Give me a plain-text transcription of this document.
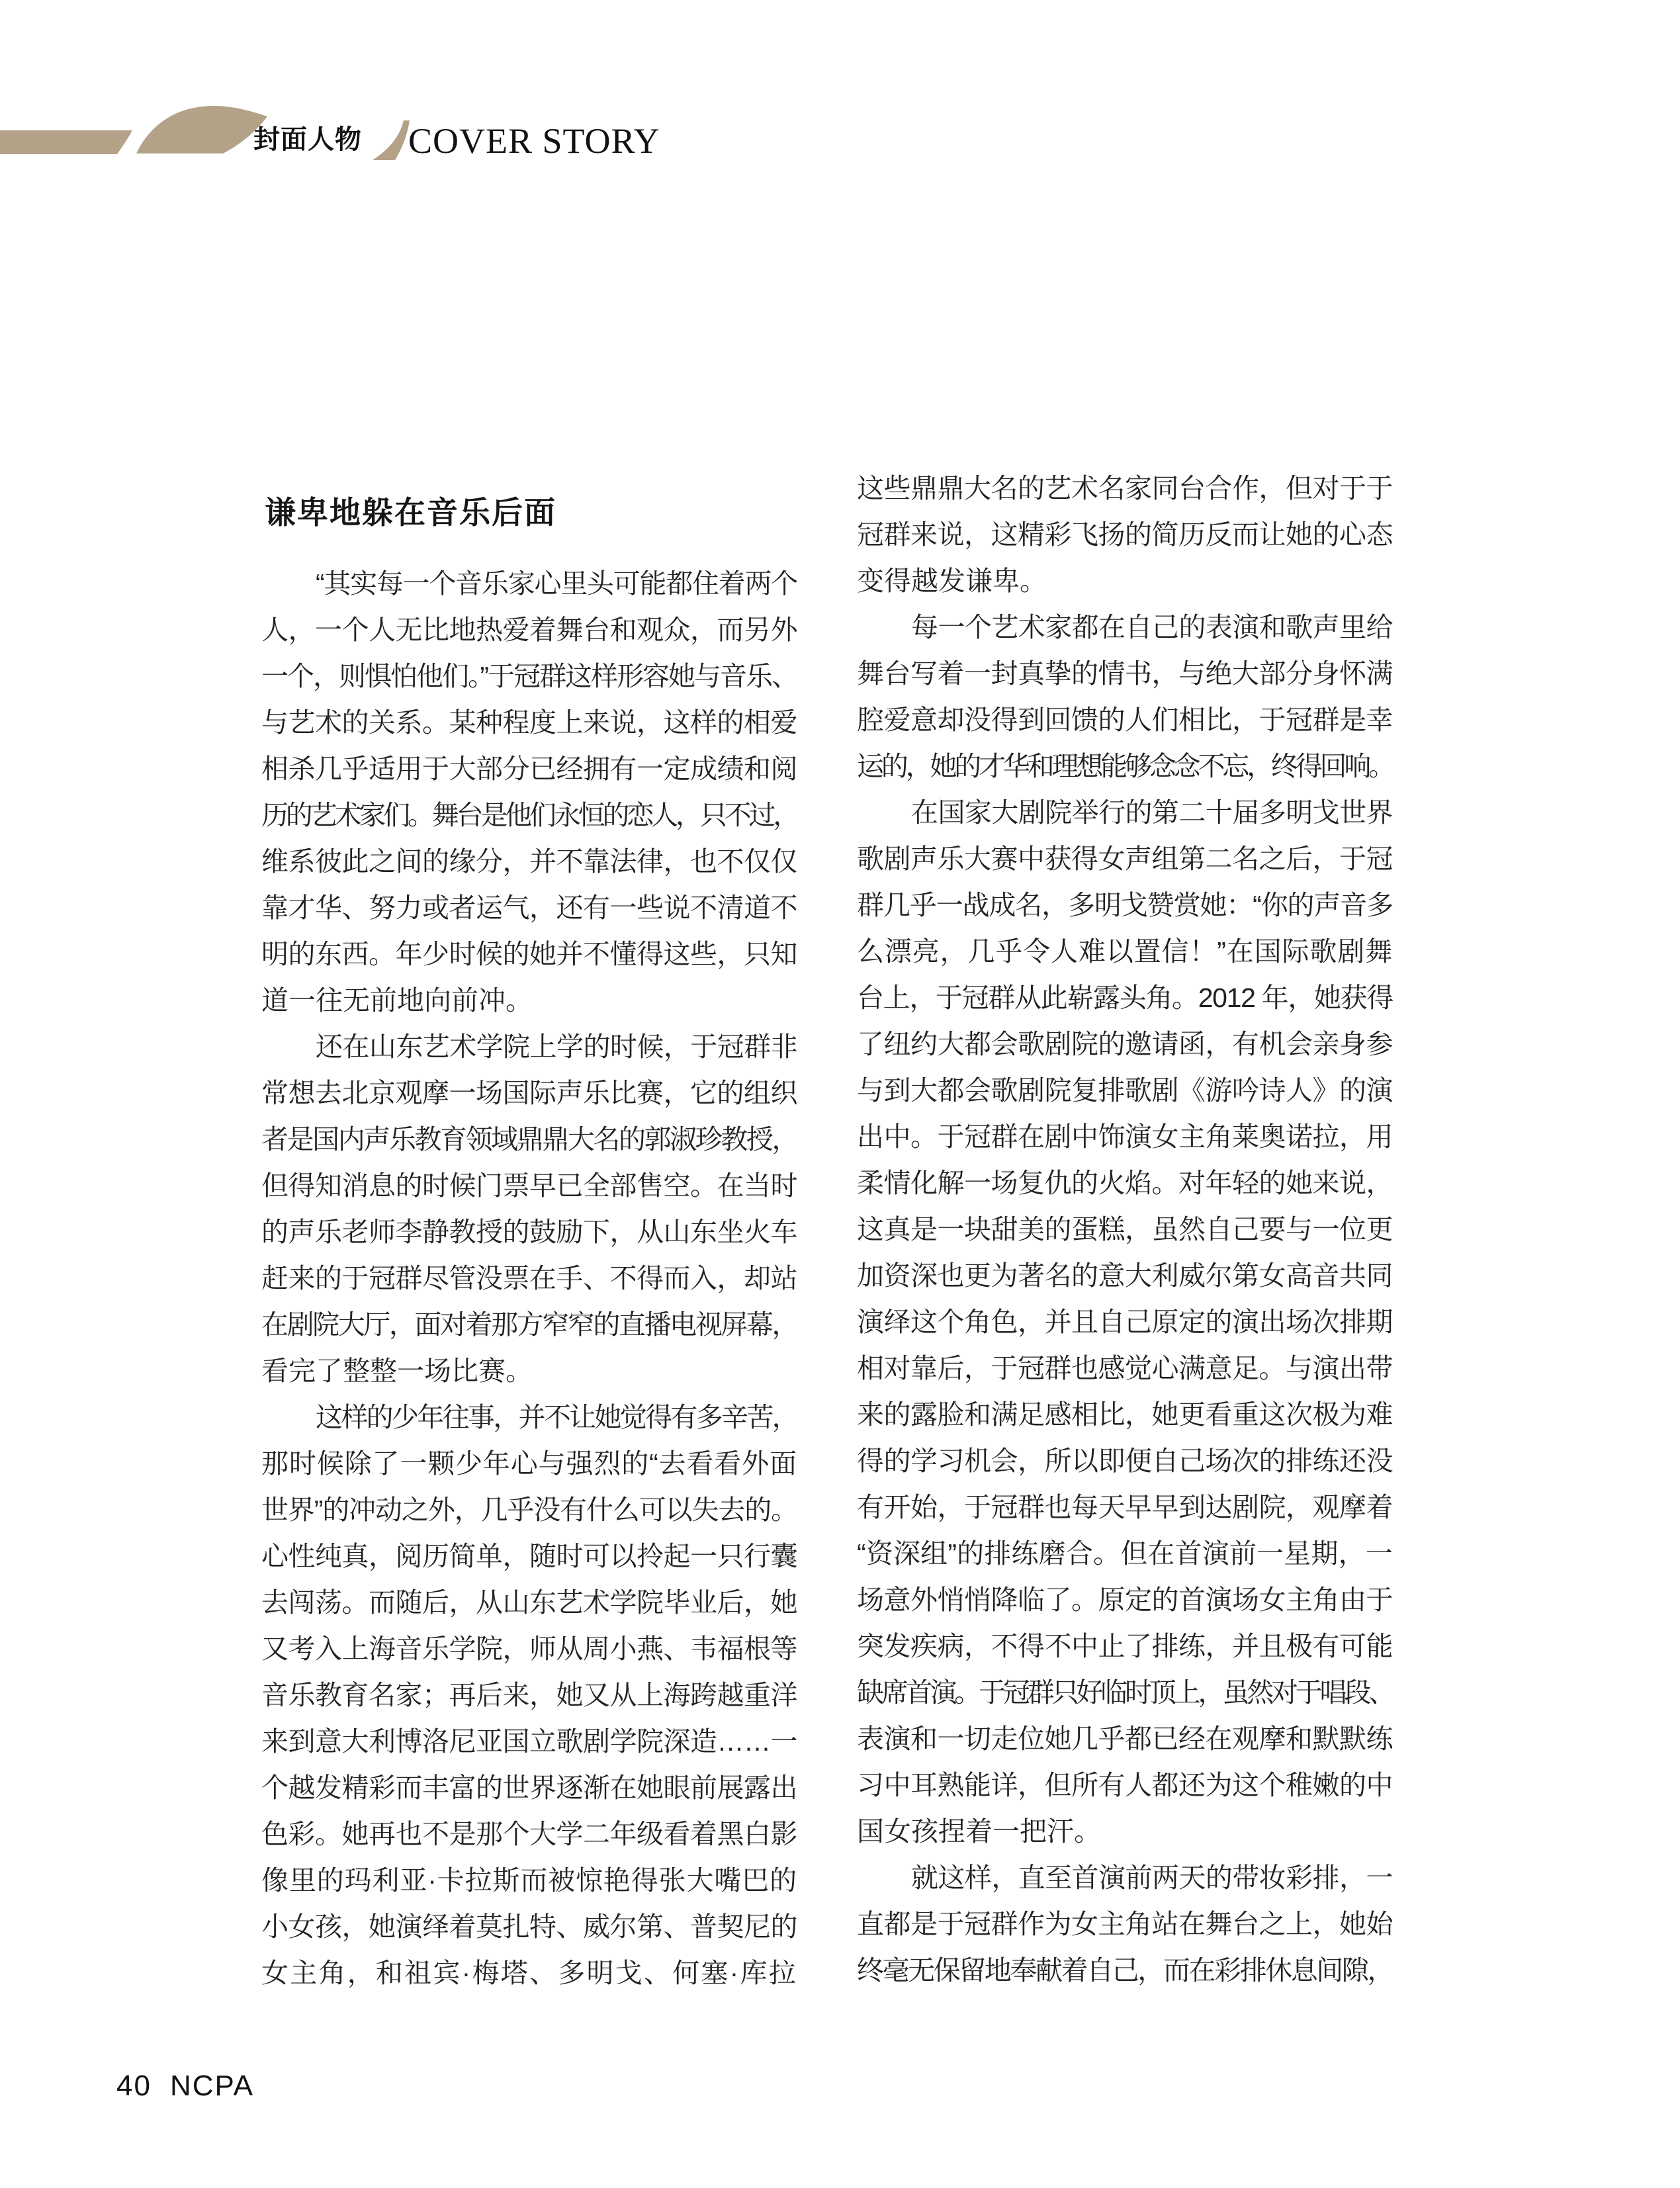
封面人物 COVER STORY
谦卑地躲在音乐后面
“其实每一个音乐家心里头可能都住着两个
人，一个人无比地热爱着舞台和观众，而另外
一个，则惧怕他们。”于冠群这样形容她与音乐、
与艺术的关系。某种程度上来说，这样的相爱
相杀几乎适用于大部分已经拥有一定成绩和阅
历的艺术家们。舞台是他们永恒的恋人，只不过，
维系彼此之间的缘分，并不靠法律，也不仅仅
靠才华、努力或者运气，还有一些说不清道不
明的东西。年少时候的她并不懂得这些，只知
道一往无前地向前冲。
还在山东艺术学院上学的时候，于冠群非
常想去北京观摩一场国际声乐比赛，它的组织
者是国内声乐教育领域鼎鼎大名的郭淑珍教授，
但得知消息的时候门票早已全部售空。在当时
的声乐老师李静教授的鼓励下，从山东坐火车
赶来的于冠群尽管没票在手、不得而入，却站
在剧院大厅，面对着那方窄窄的直播电视屏幕，
看完了整整一场比赛。
这样的少年往事，并不让她觉得有多辛苦，
那时候除了一颗少年心与强烈的“去看看外面
世界”的冲动之外，几乎没有什么可以失去的。
心性纯真，阅历简单，随时可以拎起一只行囊
去闯荡。而随后，从山东艺术学院毕业后，她
又考入上海音乐学院，师从周小燕、韦福根等
音乐教育名家；再后来，她又从上海跨越重洋
来到意大利博洛尼亚国立歌剧学院深造……一
个越发精彩而丰富的世界逐渐在她眼前展露出
色彩。她再也不是那个大学二年级看着黑白影
像里的玛利亚·卡拉斯而被惊艳得张大嘴巴的
小女孩，她演绎着莫扎特、威尔第、普契尼的
女主角，和祖宾·梅塔、多明戈、何塞·库拉
这些鼎鼎大名的艺术名家同台合作，但对于于
冠群来说，这精彩飞扬的简历反而让她的心态
变得越发谦卑。
每一个艺术家都在自己的表演和歌声里给
舞台写着一封真挚的情书，与绝大部分身怀满
腔爱意却没得到回馈的人们相比，于冠群是幸
运的，她的才华和理想能够念念不忘，终得回响。
在国家大剧院举行的第二十届多明戈世界
歌剧声乐大赛中获得女声组第二名之后，于冠
群几乎一战成名，多明戈赞赏她：“你的声音多
么漂亮，几乎令人难以置信！”在国际歌剧舞
台上，于冠群从此崭露头角。2012 年，她获得
了纽约大都会歌剧院的邀请函，有机会亲身参
与到大都会歌剧院复排歌剧《游吟诗人》的演
出中。于冠群在剧中饰演女主角莱奥诺拉，用
柔情化解一场复仇的火焰。对年轻的她来说，
这真是一块甜美的蛋糕，虽然自己要与一位更
加资深也更为著名的意大利威尔第女高音共同
演绎这个角色，并且自己原定的演出场次排期
相对靠后，于冠群也感觉心满意足。与演出带
来的露脸和满足感相比，她更看重这次极为难
得的学习机会，所以即便自己场次的排练还没
有开始，于冠群也每天早早到达剧院，观摩着
“资深组”的排练磨合。但在首演前一星期，一
场意外悄悄降临了。原定的首演场女主角由于
突发疾病，不得不中止了排练，并且极有可能
缺席首演。于冠群只好临时顶上，虽然对于唱段、
表演和一切走位她几乎都已经在观摩和默默练
习中耳熟能详，但所有人都还为这个稚嫩的中
国女孩捏着一把汗。
就这样，直至首演前两天的带妆彩排，一
直都是于冠群作为女主角站在舞台之上，她始
终毫无保留地奉献着自己，而在彩排休息间隙，
40 NCPA
